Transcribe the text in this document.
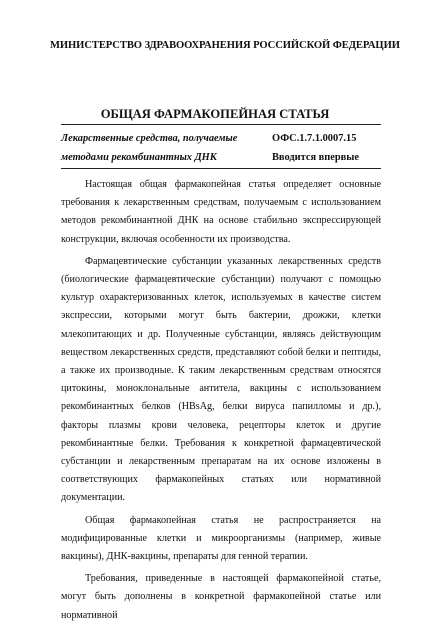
МИНИСТЕРСТВО ЗДРАВООХРАНЕНИЯ РОССИЙСКОЙ ФЕДЕРАЦИИ
ОБЩАЯ ФАРМАКОПЕЙНАЯ СТАТЬЯ
Лекарственные средства, получаемые
методами рекомбинантных ДНК
ОФС.1.7.1.0007.15
Вводится впервые

Настоящая общая фармакопейная статья определяет основные требования к лекарственным средствам, получаемым с использованием методов рекомбинантной ДНК на основе стабильно экспрессирующей конструкции, включая особенности их производства.

Фармацевтические субстанции указанных лекарственных средств (биологические фармацевтические субстанции) получают с помощью культур охарактеризованных клеток, используемых в качестве систем экспрессии, которыми могут быть бактерии, дрожжи, клетки млекопитающих и др. Полученные субстанции, являясь действующим веществом лекарственных средств, представляют собой белки и пептиды, а также их производные. К таким лекарственным средствам относятся цитокины, моноклональные антитела, вакцины с использованием рекомбинантных белков (HBsAg, белки вируса папилломы и др.), факторы плазмы крови человека, рецепторы клеток и другие рекомбинантные белки. Требования к конкретной фармацевтической субстанции и лекарственным препаратам на их основе изложены в соответствующих фармакопейных статьях или нормативной документации.

Общая фармакопейная статья не распространяется на модифицированные клетки и микроорганизмы (например, живые вакцины), ДНК-вакцины, препараты для генной терапии.

Требования, приведенные в настоящей фармакопейной статье, могут быть дополнены в конкретной фармакопейной статье или нормативной
